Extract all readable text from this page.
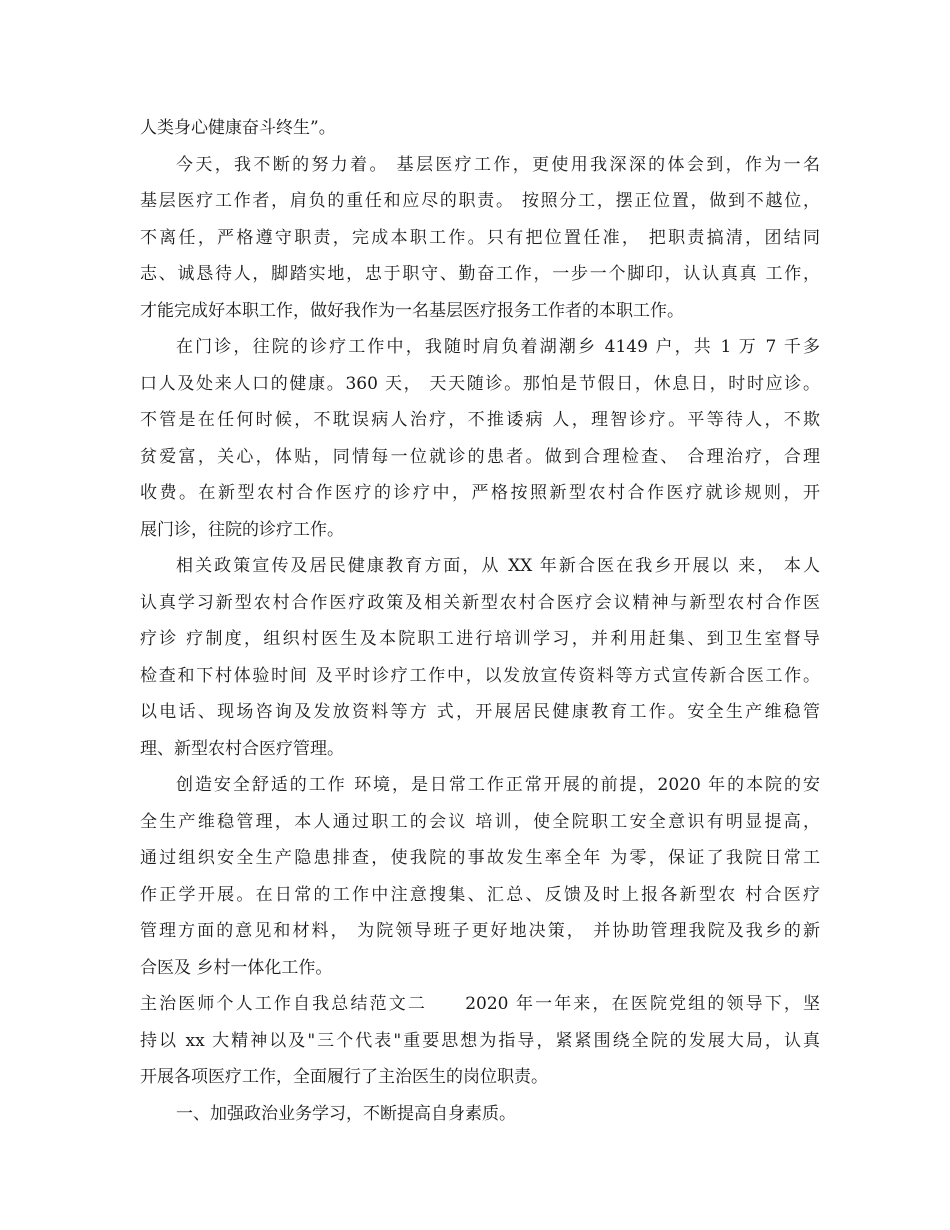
人类身心健康奋斗终生”。
今天，我不断的努力着。 基层医疗工作，更使用我深深的体会到，作为一名
基层医疗工作者，肩负的重任和应尽的职责。 按照分工，摆正位置，做到不越位，
不离任，严格遵守职责，完成本职工作。只有把位置任准， 把职责搞清，团结同
志、诚恳待人，脚踏实地，忠于职守、勤奋工作，一步一个脚印，认认真真 工作，
才能完成好本职工作，做好我作为一名基层医疗报务工作者的本职工作。
在门诊，往院的诊疗工作中，我随时肩负着湖潮乡 4149 户，共 1 万 7 千多
口人及处来人口的健康。360 天， 天天随诊。那怕是节假日，休息日，时时应诊。
不管是在任何时候，不耽误病人治疗，不推诿病 人，理智诊疗。平等待人，不欺
贫爱富，关心，体贴，同情每一位就诊的患者。做到合理检查、 合理治疗，合理
收费。在新型农村合作医疗的诊疗中，严格按照新型农村合作医疗就诊规则，开
展门诊，往院的诊疗工作。
相关政策宣传及居民健康教育方面，从 XX 年新合医在我乡开展以 来， 本人
认真学习新型农村合作医疗政策及相关新型农村合医疗会议精神与新型农村合作医
疗诊 疗制度，组织村医生及本院职工进行培训学习，并利用赶集、到卫生室督导
检查和下村体验时间 及平时诊疗工作中，以发放宣传资料等方式宣传新合医工作。
以电话、现场咨询及发放资料等方 式，开展居民健康教育工作。安全生产维稳管
理、新型农村合医疗管理。
创造安全舒适的工作 环境，是日常工作正常开展的前提，2020 年的本院的安
全生产维稳管理，本人通过职工的会议 培训，使全院职工安全意识有明显提高，
通过组织安全生产隐患排查，使我院的事故发生率全年 为零，保证了我院日常工
作正学开展。在日常的工作中注意搜集、汇总、反馈及时上报各新型农 村合医疗
管理方面的意见和材料， 为院领导班子更好地决策， 并协助管理我院及我乡的新
合医及 乡村一体化工作。
主治医师个人工作自我总结范文二　　2020 年一年来，在医院党组的领导下，坚
持以 xx 大精神以及"三个代表"重要思想为指导，紧紧围绕全院的发展大局，认真
开展各项医疗工作，全面履行了主治医生的岗位职责。
一、加强政治业务学习，不断提高自身素质。
